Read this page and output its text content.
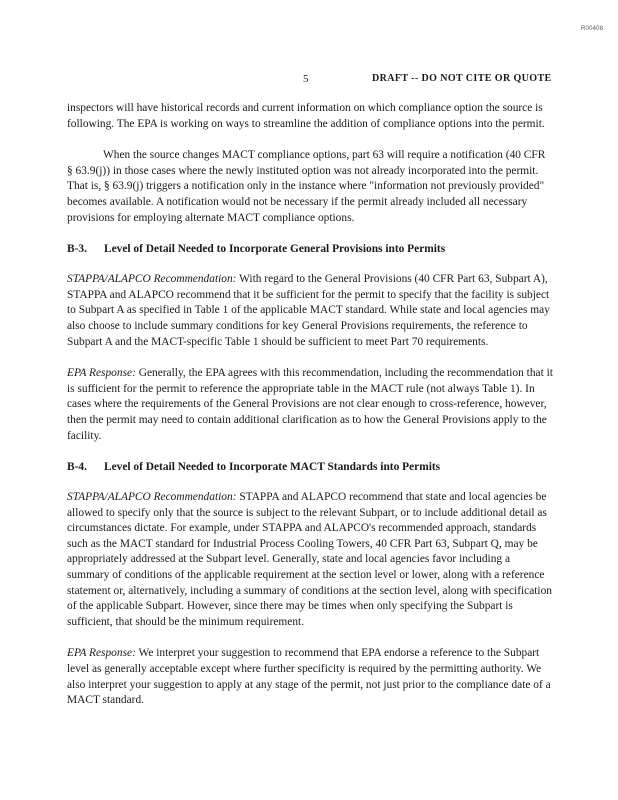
R00408
5	DRAFT -- DO NOT CITE OR QUOTE

inspectors will have historical records and current information on which compliance option the source is following. The EPA is working on ways to streamline the addition of compliance options into the permit.

When the source changes MACT compliance options, part 63 will require a notification (40 CFR § 63.9(j)) in those cases where the newly instituted option was not already incorporated into the permit. That is, § 63.9(j) triggers a notification only in the instance where "information not previously provided" becomes available. A notification would not be necessary if the permit already included all necessary provisions for employing alternate MACT compliance options.

B-3. Level of Detail Needed to Incorporate General Provisions into Permits

STAPPA/ALAPCO Recommendation: With regard to the General Provisions (40 CFR Part 63, Subpart A), STAPPA and ALAPCO recommend that it be sufficient for the permit to specify that the facility is subject to Subpart A as specified in Table 1 of the applicable MACT standard. While state and local agencies may also choose to include summary conditions for key General Provisions requirements, the reference to Subpart A and the MACT-specific Table 1 should be sufficient to meet Part 70 requirements.

EPA Response: Generally, the EPA agrees with this recommendation, including the recommendation that it is sufficient for the permit to reference the appropriate table in the MACT rule (not always Table 1). In cases where the requirements of the General Provisions are not clear enough to cross-reference, however, then the permit may need to contain additional clarification as to how the General Provisions apply to the facility.

B-4. Level of Detail Needed to Incorporate MACT Standards into Permits

STAPPA/ALAPCO Recommendation: STAPPA and ALAPCO recommend that state and local agencies be allowed to specify only that the source is subject to the relevant Subpart, or to include additional detail as circumstances dictate. For example, under STAPPA and ALAPCO's recommended approach, standards such as the MACT standard for Industrial Process Cooling Towers, 40 CFR Part 63, Subpart Q, may be appropriately addressed at the Subpart level. Generally, state and local agencies favor including a summary of conditions of the applicable requirement at the section level or lower, along with a reference statement or, alternatively, including a summary of conditions at the section level, along with specification of the applicable Subpart. However, since there may be times when only specifying the Subpart is sufficient, that should be the minimum requirement.

EPA Response: We interpret your suggestion to recommend that EPA endorse a reference to the Subpart level as generally acceptable except where further specificity is required by the permitting authority. We also interpret your suggestion to apply at any stage of the permit, not just prior to the compliance date of a MACT standard.
